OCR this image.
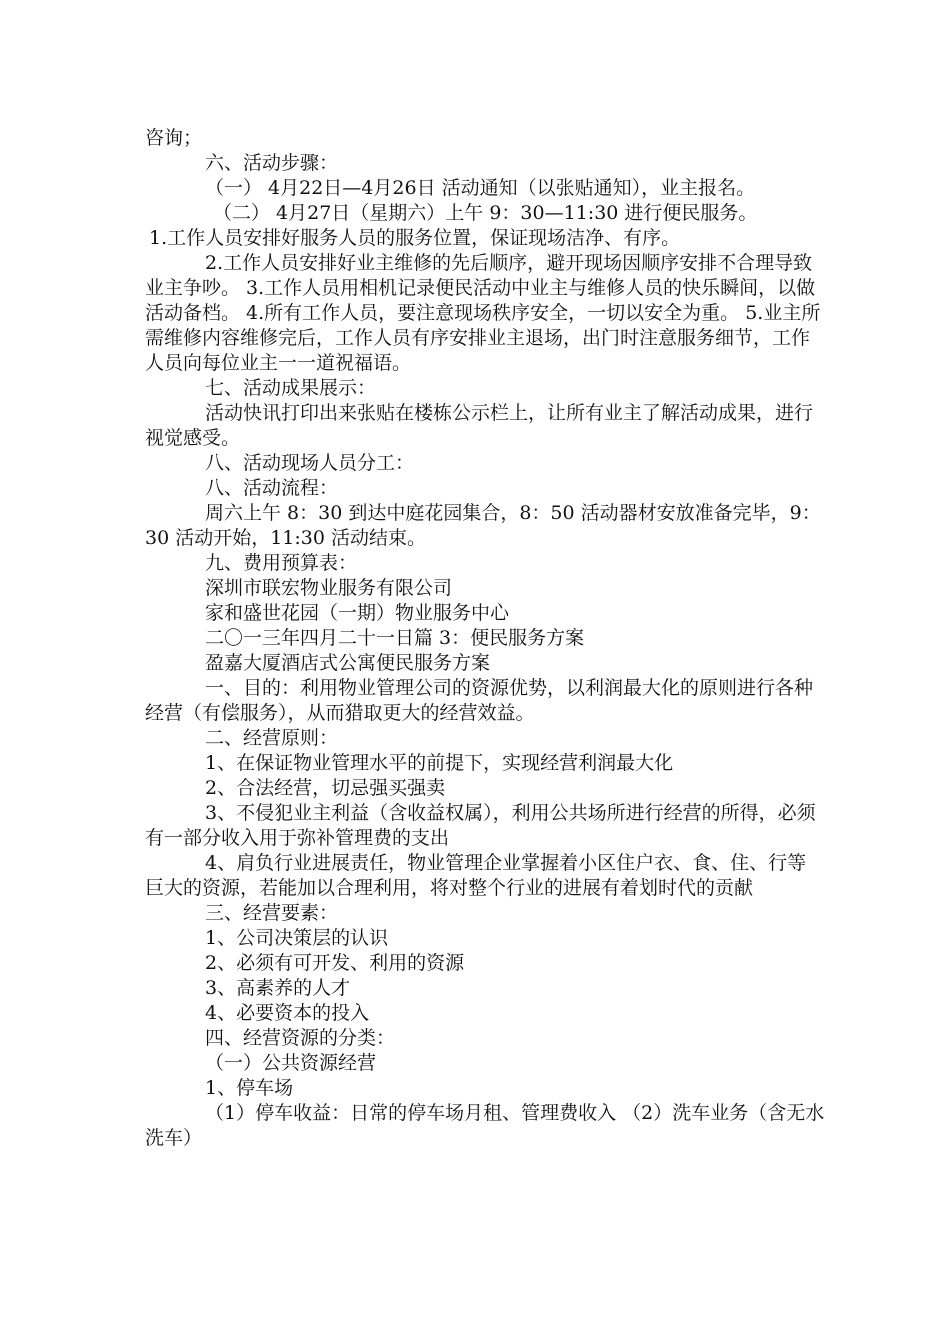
咨询；

六、活动步骤：

（一） 4月22日—4月26日 活动通知（以张贴通知），业主报名。

（二） 4月27日（星期六）上午 9：30—11:30 进行便民服务。

1.工作人员安排好服务人员的服务位置，保证现场洁净、有序。

2.工作人员安排好业主维修的先后顺序，避开现场因顺序安排不合理导致业主争吵。 3.工作人员用相机记录便民活动中业主与维修人员的快乐瞬间，以做活动备档。 4.所有工作人员，要注意现场秩序安全，一切以安全为重。 5.业主所需维修内容维修完后，工作人员有序安排业主退场，出门时注意服务细节，工作人员向每位业主一一道祝福语。

七、活动成果展示：

活动快讯打印出来张贴在楼栋公示栏上，让所有业主了解活动成果，进行视觉感受。

八、活动现场人员分工：

八、活动流程：

周六上午 8：30 到达中庭花园集合，8：50 活动器材安放准备完毕，9：30 活动开始，11:30 活动结束。

九、费用预算表：

深圳市联宏物业服务有限公司

家和盛世花园（一期）物业服务中心

二〇一三年四月二十一日篇 3：便民服务方案

盈嘉大厦酒店式公寓便民服务方案

一、目的：利用物业管理公司的资源优势，以利润最大化的原则进行各种经营（有偿服务），从而猎取更大的经营效益。

二、经营原则：

1、在保证物业管理水平的前提下，实现经营利润最大化

2、合法经营，切忌强买强卖

3、不侵犯业主利益（含收益权属），利用公共场所进行经营的所得，必须有一部分收入用于弥补管理费的支出

4、肩负行业进展责任，物业管理企业掌握着小区住户衣、食、住、行等巨大的资源，若能加以合理利用，将对整个行业的进展有着划时代的贡献

三、经营要素：

1、公司决策层的认识

2、必须有可开发、利用的资源

3、高素养的人才

4、必要资本的投入

四、经营资源的分类：

（一）公共资源经营

1、停车场

（1）停车收益：日常的停车场月租、管理费收入 （2）洗车业务（含无水洗车）
